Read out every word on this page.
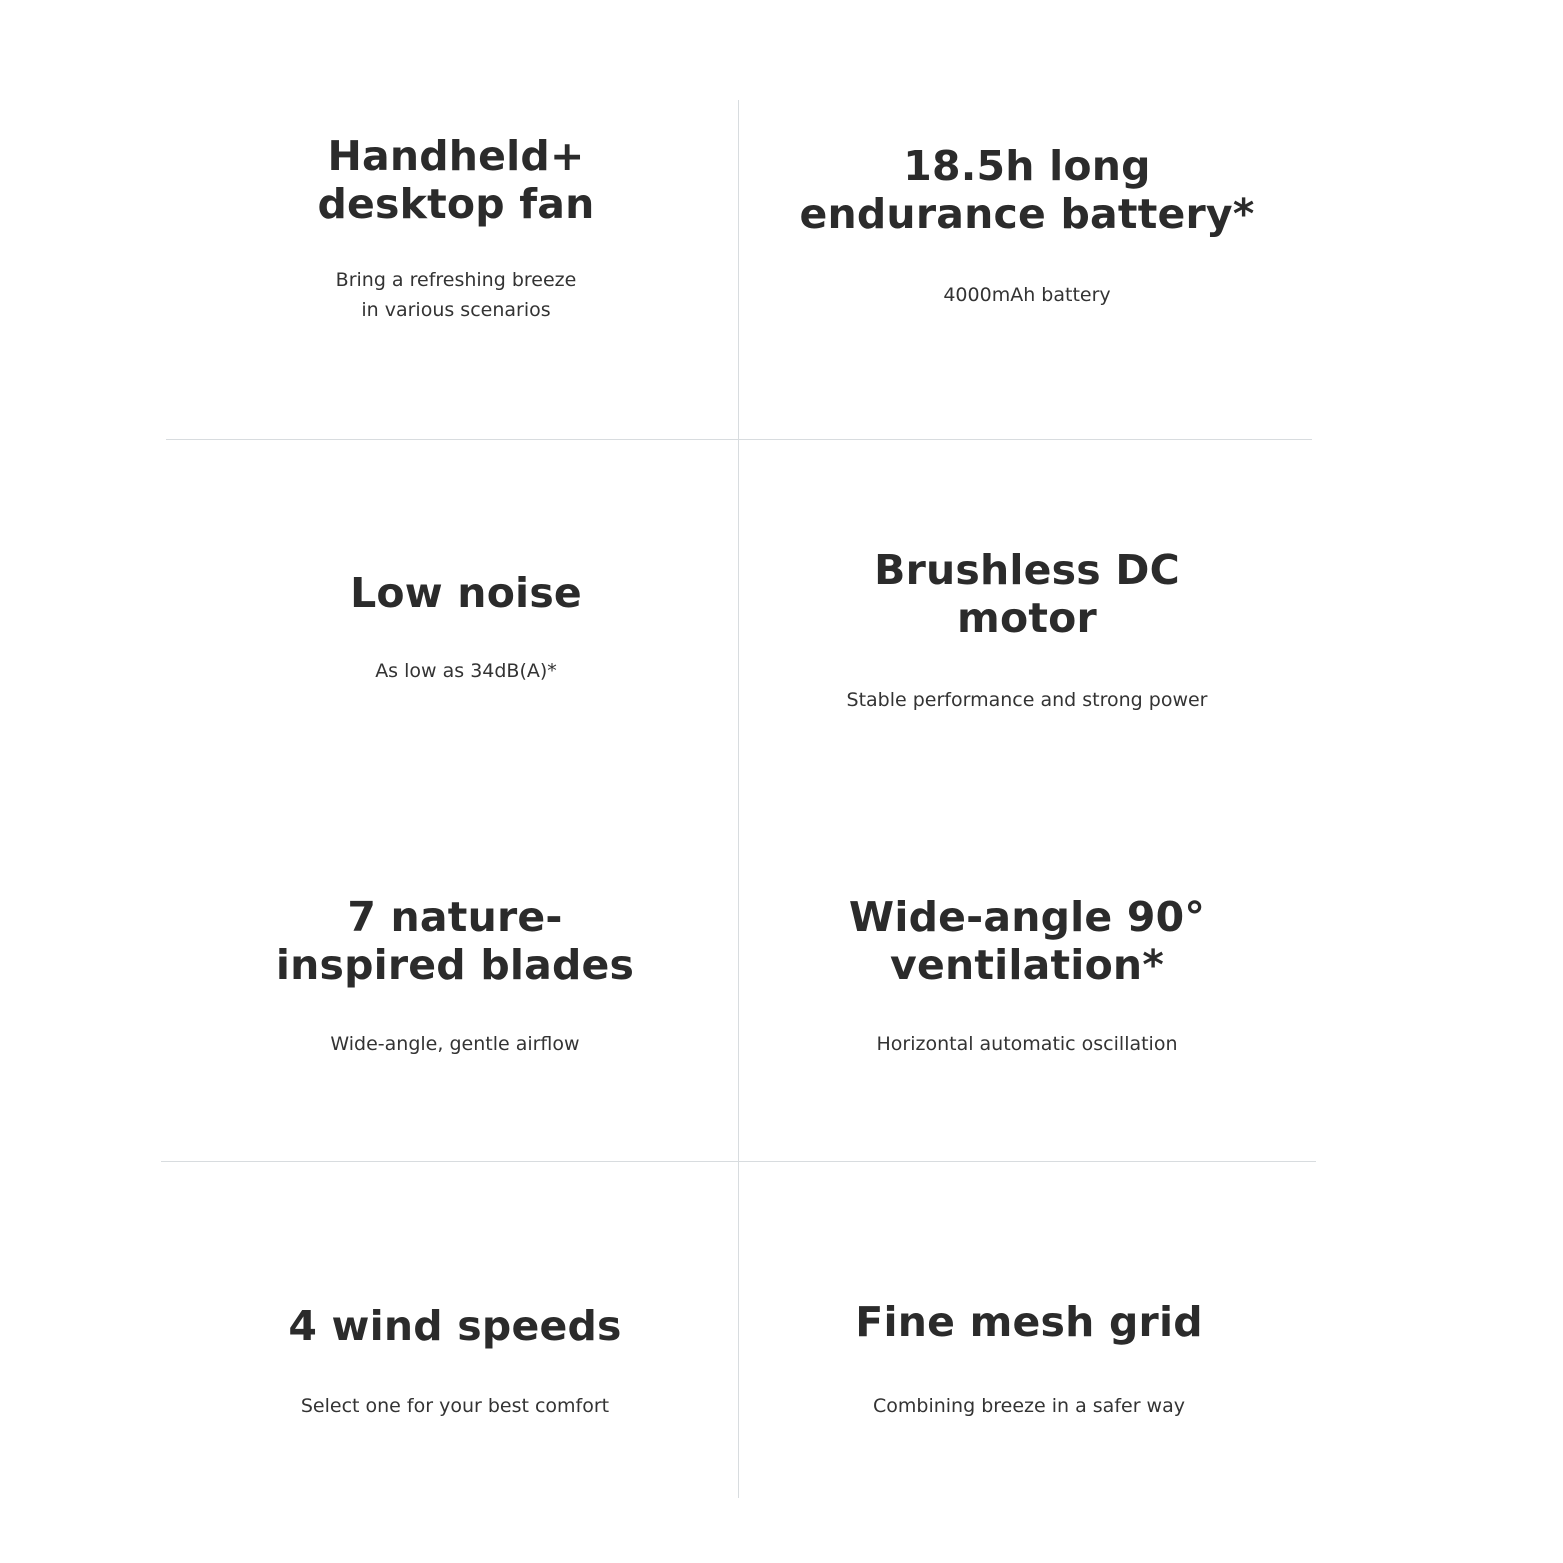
Handheld+
desktop fan

Bring a refreshing breeze
in various scenarios

18.5h long
endurance battery*

4000mAh battery

Low noise

As low as 34dB(A)*

Brushless DC
motor

Stable performance and strong power

7 nature-
inspired blades

Wide-angle, gentle airflow

Wide-angle 90°
ventilation*

Horizontal automatic oscillation

4 wind speeds

Select one for your best comfort

Fine mesh grid

Combining breeze in a safer way
